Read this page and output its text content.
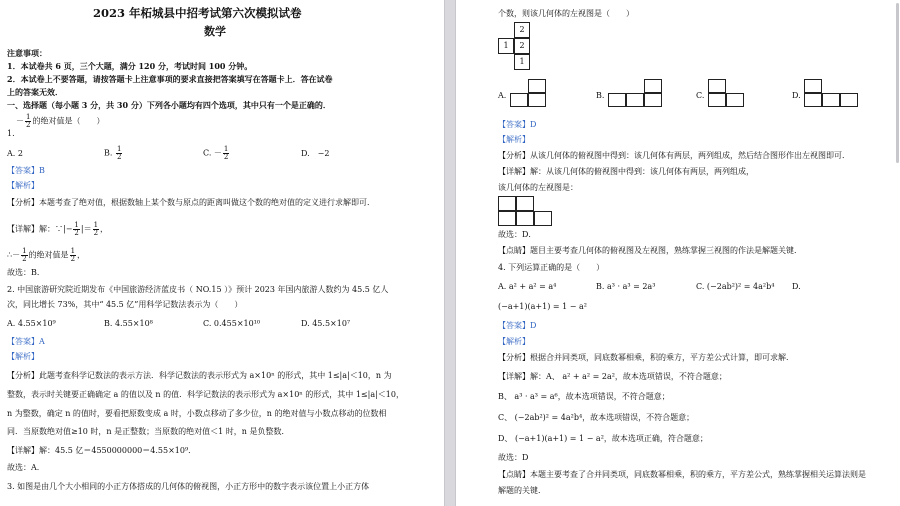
2023 年柘城县中招考试第六次模拟试卷
数学
注意事项：
1．本试卷共 6 页，三个大题，满分 120 分，考试时间 100 分钟。
2．本试卷上不要答题，请按答题卡上注意事项的要求直接把答案填写在答题卡上．答在试卷
上的答案无效．
一、选择题（每小题 3 分，共 30 分）下列各小题均有四个选项，其中只有一个是正确的．
－ $\frac{1}{2}$ 的绝对值是（　　）
1.
A. 2	B. $\frac{1}{2}$	C. － $\frac{1}{2}$	D.　−2
【答案】B
【解析】
【分析】本题考查了绝对值，根据数轴上某个数与原点的距离叫做这个数的绝对值的定义进行求解即可．
【详解】解：∵|− $\frac{1}{2}$ |＝ $\frac{1}{2}$ ，
∴－ $\frac{1}{2}$ 的绝对值是 $\frac{1}{2}$ ，
故选：B．
2. 中国旅游研究院近期发布《中国旅游经济蓝皮书（ NO.15 ）》预计 2023 年国内旅游人数约为 45.5 亿人
次，同比增长 73%，其中“ 45.5 亿”用科学记数法表示为（　　）
A. 4.55×10⁹	B. 4.55×10⁸	C. 0.455×10¹⁰	D. 45.5×10⁷
【答案】A
【解析】
【分析】此题考查科学记数法的表示方法．科学记数法的表示形式为 a×10ⁿ 的形式，其中 1≤|a|＜10，n 为
整数，表示时关键要正确确定 a 的值以及 n 的值．科学记数法的表示形式为 a×10ⁿ 的形式，其中 1≤|a|＜10，
n 为整数，确定 n 的值时，要看把原数变成 a 时，小数点移动了多少位，n 的绝对值与小数点移动的位数相
同．当原数绝对值≥10 时，n 是正整数；当原数的绝对值＜1 时，n 是负整数．
【详解】解：45.5 亿＝4550000000＝4.55×10⁹．
故选：A．
3. 如图是由几个大小相同的小正方体搭成的几何体的俯视图，小正方形中的数字表示该位置上小正方体
个数，则该几何体的左视图是（　　）
2
1	2
1
A.	B.	C.	D.
【答案】D
【解析】
【分析】从该几何体的俯视图中得到：该几何体有两层，两列组成，然后结合图形作出左视图即可．
【详解】解：从该几何体的俯视图中得到：该几何体有两层，两列组成，
该几何体的左视图是：
故选：D．
【点睛】题目主要考查几何体的俯视图及左视图，熟练掌握三视图的作法是解题关键．
4. 下列运算正确的是（　　）
A. a² + a² = a⁴	B. a³ · a³ = 2a³	C. (−2ab²)² = 4a²b⁴ D.
(−a+1)(a+1) = 1 − a²
【答案】D
【解析】
【分析】根据合并同类项，同底数幂相乘，积的乘方，平方差公式计算，即可求解．
【详解】解：A、 a² + a² = 2a²，故本选项错误，不符合题意；
B、 a³ · a³ = a⁶，故本选项错误，不符合题意；
C、 (−2ab²)² = 4a²b⁴，故本选项错误，不符合题意；
D、 (−a+1)(a+1) = 1 − a²，故本选项正确，符合题意；
故选：D
【点睛】本题主要考查了合并同类项，同底数幂相乘，积的乘方，平方差公式，熟练掌握相关运算法则是
解题的关键．
